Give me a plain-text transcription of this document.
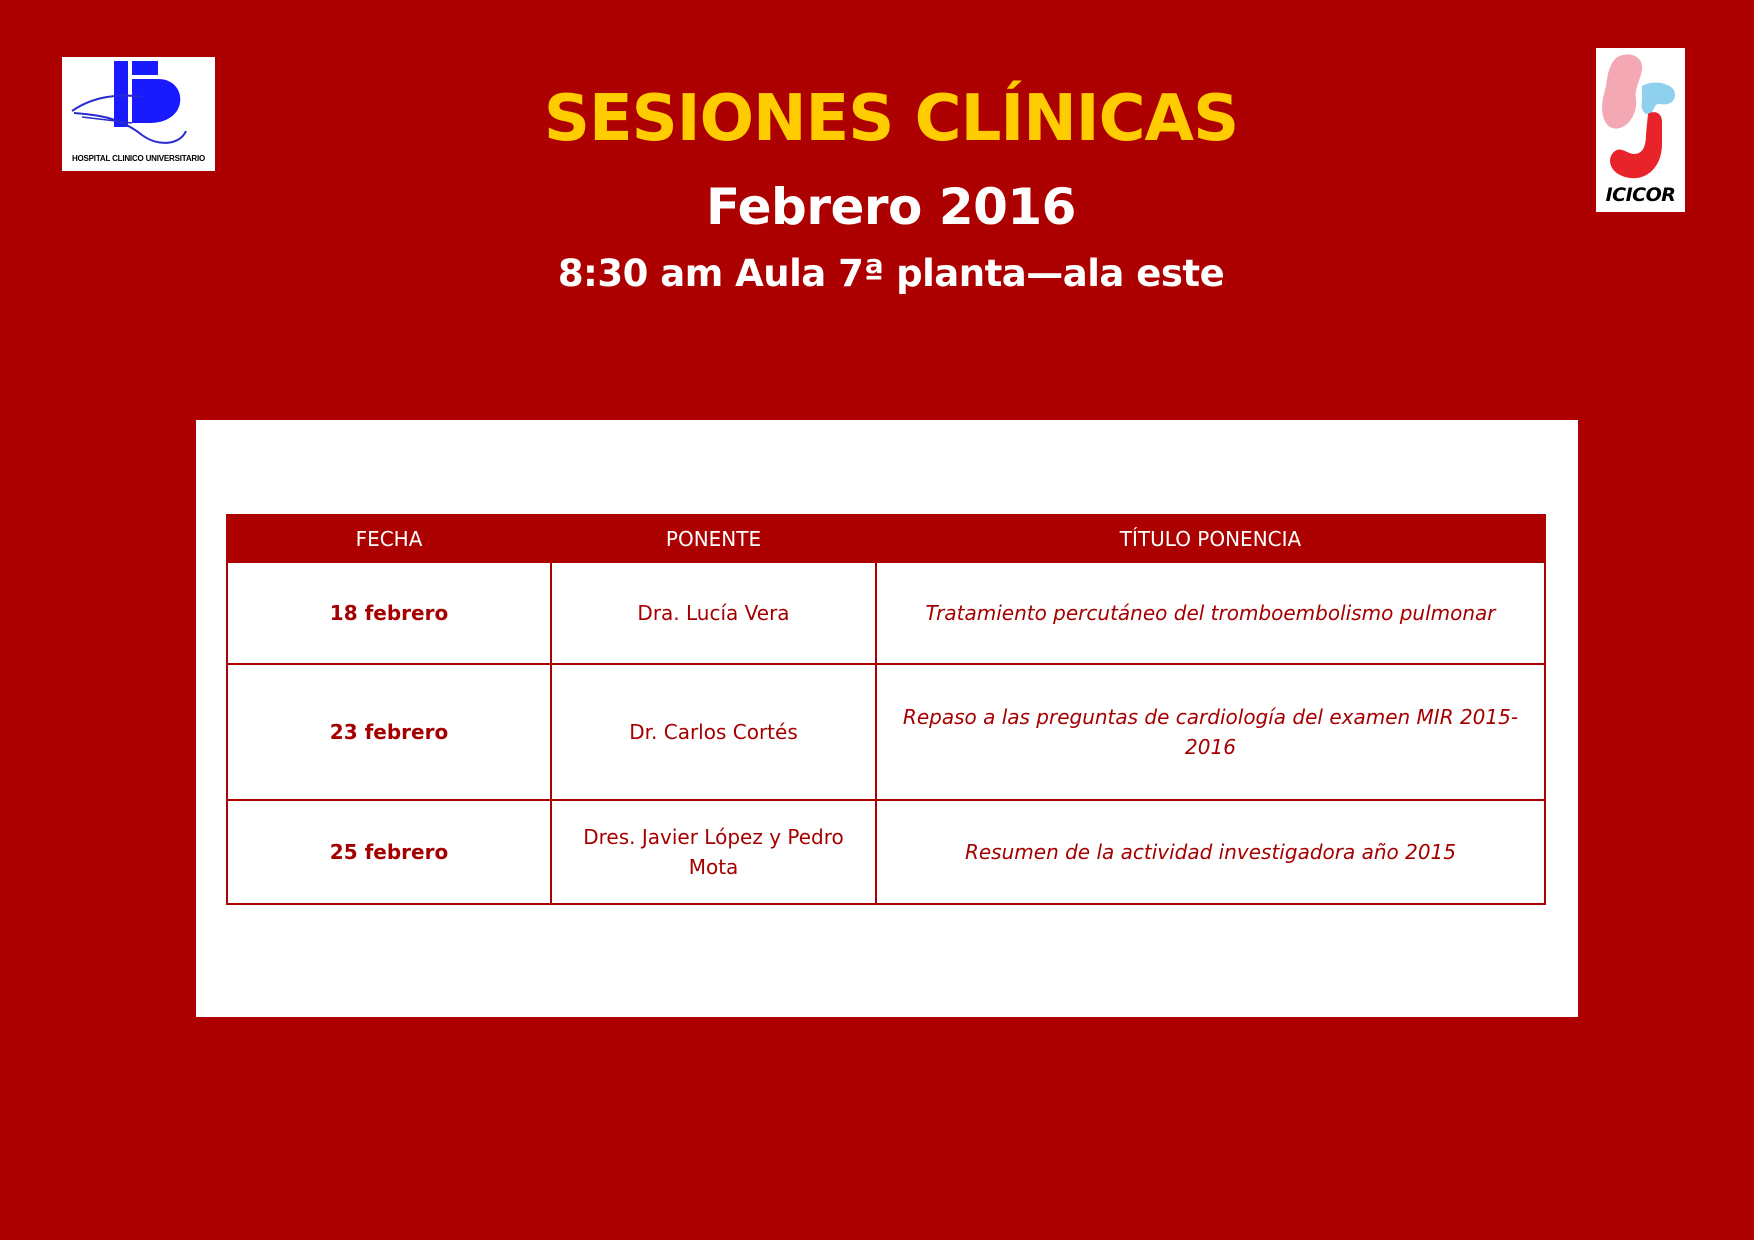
HOSPITAL CLINICO UNIVERSITARIO
ICICOR
SESIONES CLÍNICAS
Febrero 2016
8:30 am Aula 7ª planta—ala este
FECHA	PONENTE	TÍTULO PONENCIA
18 febrero	Dra. Lucía Vera	Tratamiento percutáneo del tromboembolismo pulmonar
23 febrero	Dr. Carlos Cortés	Repaso a las preguntas de cardiología del examen MIR 2015-2016
25 febrero	Dres. Javier López y Pedro Mota	Resumen de la actividad investigadora año 2015
